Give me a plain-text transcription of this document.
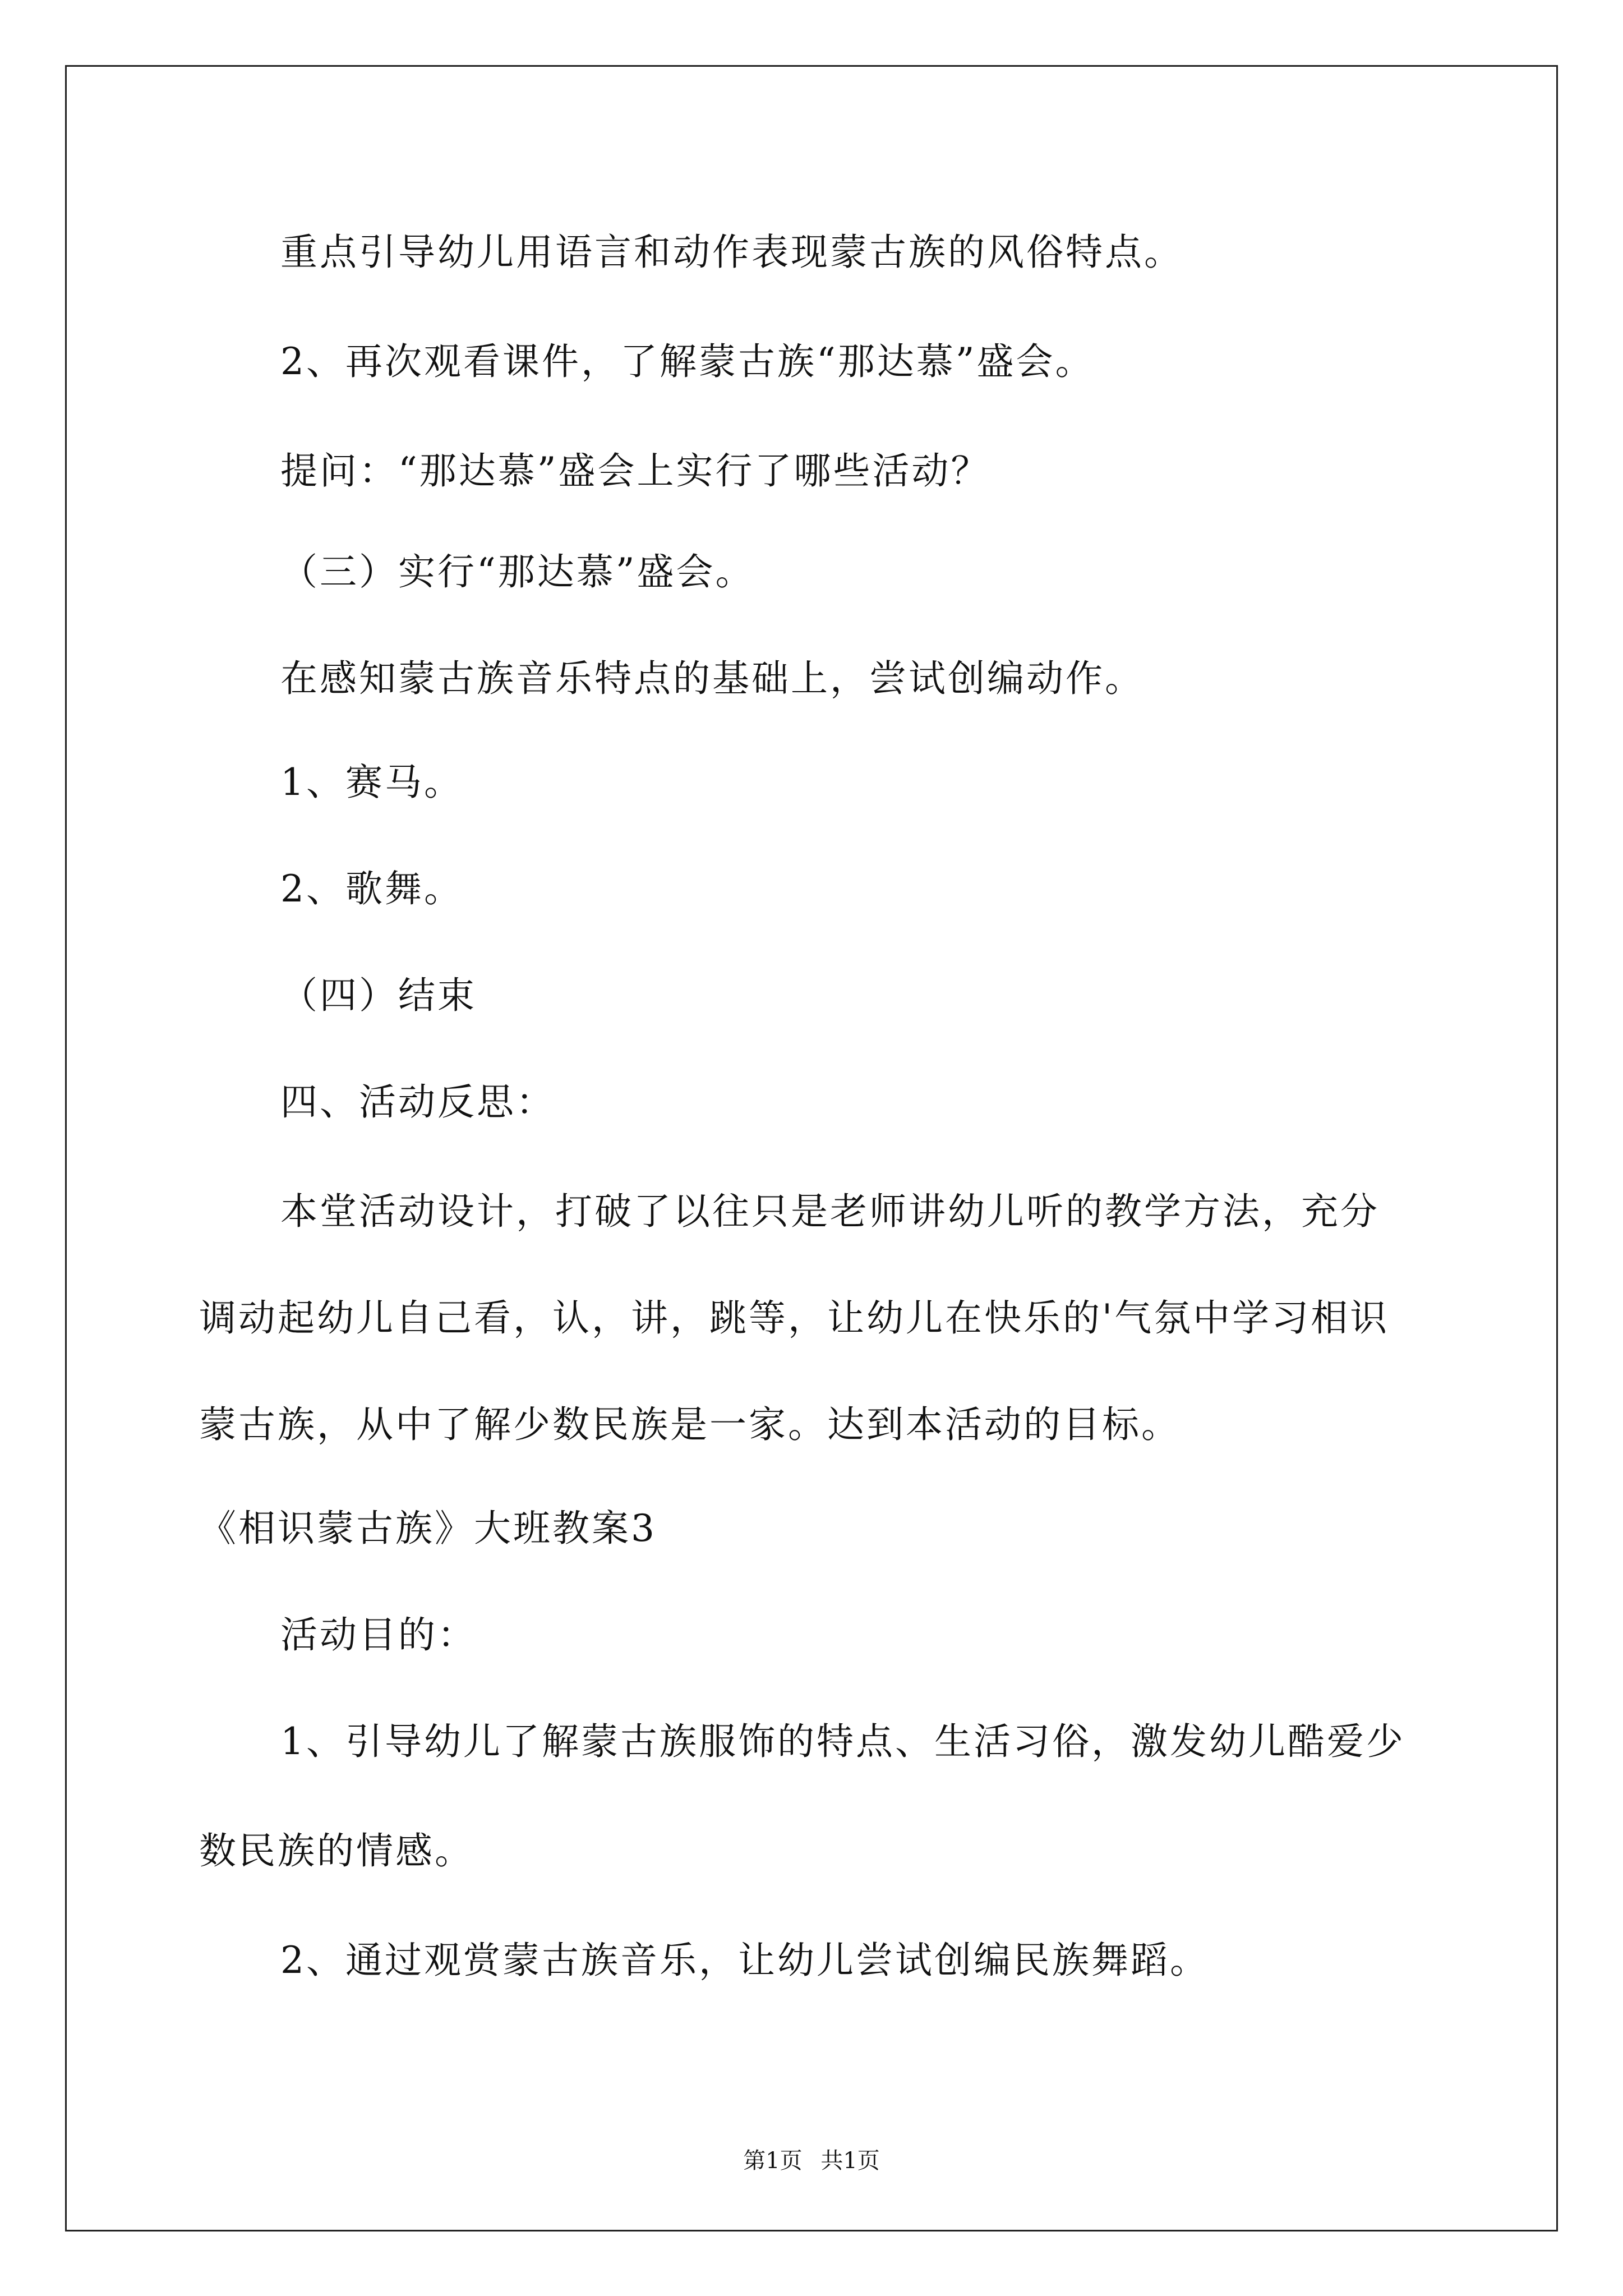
重点引导幼儿用语言和动作表现蒙古族的风俗特点。
2、再次观看课件，了解蒙古族“那达慕”盛会。
提问：“那达慕”盛会上实行了哪些活动？
（三）实行“那达慕”盛会。
在感知蒙古族音乐特点的基础上，尝试创编动作。
1、赛马。
2、歌舞。
（四）结束
四、活动反思：
本堂活动设计，打破了以往只是老师讲幼儿听的教学方法，充分
调动起幼儿自己看，认，讲，跳等，让幼儿在快乐的'气氛中学习相识
蒙古族，从中了解少数民族是一家。达到本活动的目标。
《相识蒙古族》大班教案3
活动目的：
1、引导幼儿了解蒙古族服饰的特点、生活习俗，激发幼儿酷爱少
数民族的情感。
2、通过观赏蒙古族音乐，让幼儿尝试创编民族舞蹈。
第1页 共1页
